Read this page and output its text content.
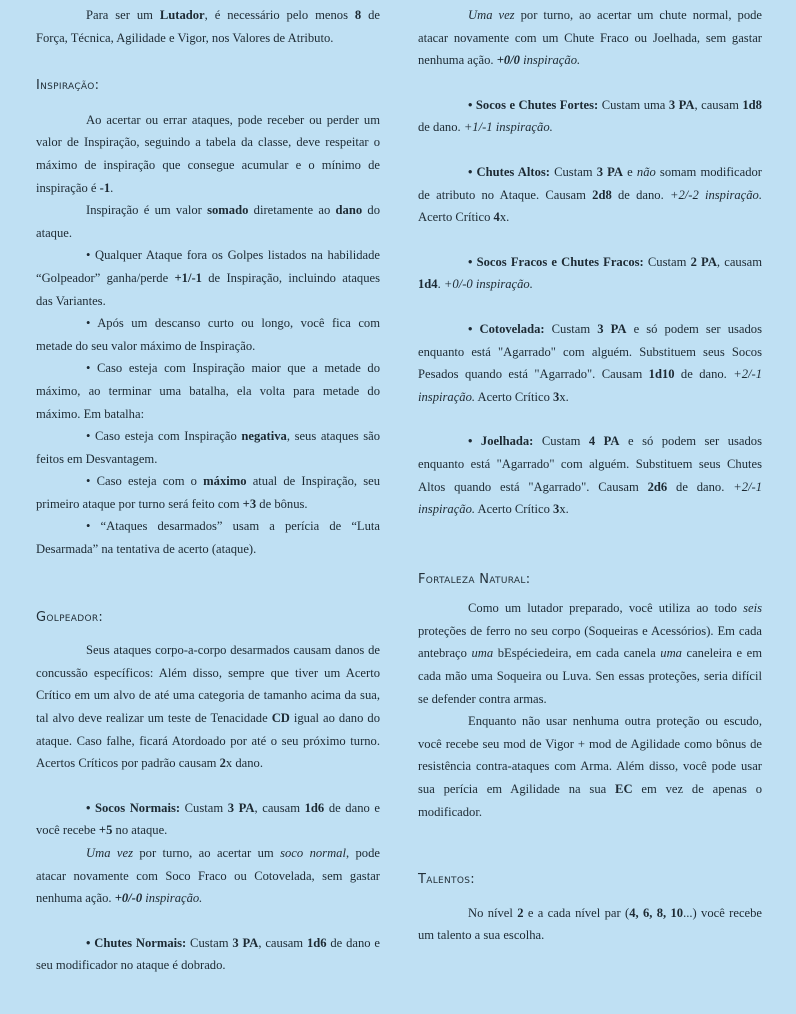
Para ser um Lutador, é necessário pelo menos 8 de Força, Técnica, Agilidade e Vigor, nos Valores de Atributo.

Inspiração:

Ao acertar ou errar ataques, pode receber ou perder um valor de Inspiração, seguindo a tabela da classe, deve respeitar o máximo de inspiração que consegue acumular e o mínimo de inspiração é -1.

Inspiração é um valor somado diretamente ao dano do ataque.

• Qualquer Ataque fora os Golpes listados na habilidade “Golpeador” ganha/perde +1/-1 de Inspiração, incluindo ataques das Variantes.

• Após um descanso curto ou longo, você fica com metade do seu valor máximo de Inspiração.

• Caso esteja com Inspiração maior que a metade do máximo, ao terminar uma batalha, ela volta para metade do máximo. Em batalha:

• Caso esteja com Inspiração negativa, seus ataques são feitos em Desvantagem.

• Caso esteja com o máximo atual de Inspiração, seu primeiro ataque por turno será feito com +3 de bônus.

• “Ataques desarmados” usam a perícia de “Luta Desarmada” na tentativa de acerto (ataque).

Golpeador:

Seus ataques corpo-a-corpo desarmados causam danos de concussão específicos: Além disso, sempre que tiver um Acerto Crítico em um alvo de até uma categoria de tamanho acima da sua, tal alvo deve realizar um teste de Tenacidade CD igual ao dano do ataque. Caso falhe, ficará Atordoado por até o seu próximo turno. Acertos Críticos por padrão causam 2x dano.

• Socos Normais: Custam 3 PA, causam 1d6 de dano e você recebe +5 no ataque.

Uma vez por turno, ao acertar um soco normal, pode atacar novamente com Soco Fraco ou Cotovelada, sem gastar nenhuma ação. +0/-0 inspiração.

• Chutes Normais: Custam 3 PA, causam 1d6 de dano e seu modificador no ataque é dobrado.

Uma vez por turno, ao acertar um chute normal, pode atacar novamente com um Chute Fraco ou Joelhada, sem gastar nenhuma ação. +0/0 inspiração.

• Socos e Chutes Fortes: Custam uma 3 PA, causam 1d8 de dano. +1/-1 inspiração.

• Chutes Altos: Custam 3 PA e não somam modificador de atributo no Ataque. Causam 2d8 de dano. +2/-2 inspiração. Acerto Crítico 4x.

• Socos Fracos e Chutes Fracos: Custam 2 PA, causam 1d4. +0/-0 inspiração.

• Cotovelada: Custam 3 PA e só podem ser usados enquanto está "Agarrado" com alguém. Substituem seus Socos Pesados quando está "Agarrado". Causam 1d10 de dano. +2/-1 inspiração. Acerto Crítico 3x.

• Joelhada: Custam 4 PA e só podem ser usados enquanto está "Agarrado" com alguém. Substituem seus Chutes Altos quando está "Agarrado". Causam 2d6 de dano. +2/-1 inspiração. Acerto Crítico 3x.

Fortaleza Natural:

Como um lutador preparado, você utiliza ao todo seis proteções de ferro no seu corpo (Soqueiras e Acessórios). Em cada antebraço uma bEspéciedeira, em cada canela uma caneleira e em cada mão uma Soqueira ou Luva. Sen essas proteções, seria difícil se defender contra armas.

Enquanto não usar nenhuma outra proteção ou escudo, você recebe seu mod de Vigor + mod de Agilidade como bônus de resistência contra-ataques com Arma. Além disso, você pode usar sua perícia em Agilidade na sua EC em vez de apenas o modificador.

Talentos:

No nível 2 e a cada nível par (4, 6, 8, 10...) você recebe um talento a sua escolha.
